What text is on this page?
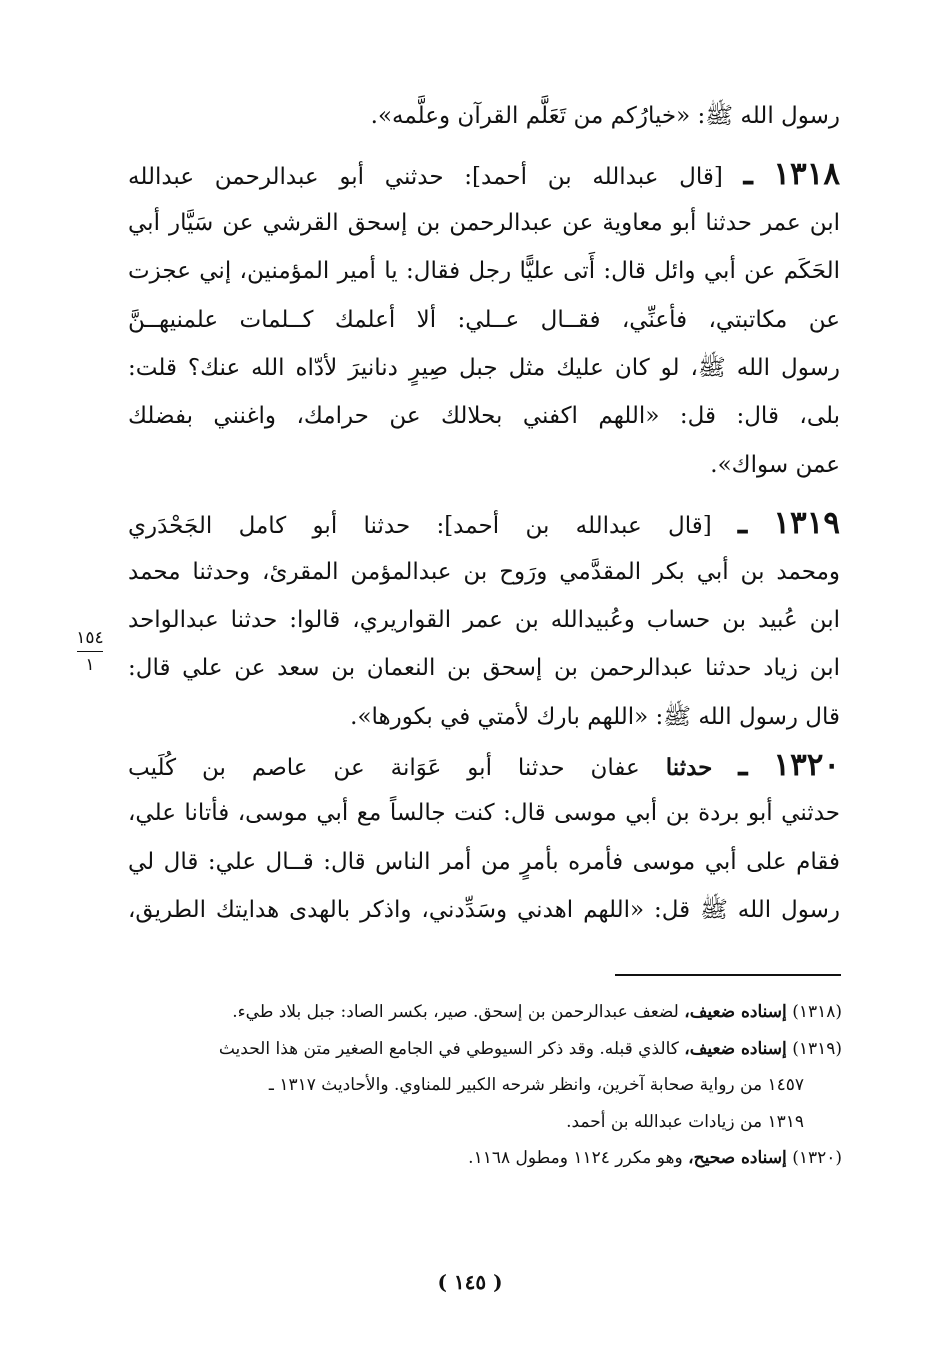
رسول الله ﷺ: «خيارُكم من تَعَلَّم القرآن وعلَّمه».
١٣١٨ ـ [قال عبدالله بن أحمد]: حدثني أبو عبدالرحمن عبدالله
ابن عمر حدثنا أبو معاوية عن عبدالرحمن بن إسحق القرشي عن سَيَّار أبي
الحَكَم عن أبي وائل قال: أَتى عليًّا رجل فقال: يا أمير المؤمنين، إني عجزت
عن مكاتبتي، فأعنِّي، فقــال عــلي: ألا أعلمك كــلمات علمنيهــنَّ
رسول الله ﷺ، لو كان عليك مثل جبل صِيرٍ دنانيرَ لأدّاه الله عنك؟ قلت:
بلى، قال: قل: «اللهم اكفني بحلالك عن حرامك، واغنني بفضلك
عمن سواك».
١٣١٩ ـ [قال عبدالله بن أحمد]: حدثنا أبو كامل الجَحْدَري
ومحمد بن أبي بكر المقدَّمي ورَوح بن عبدالمؤمن المقرئ، وحدثنا محمد
ابن عُبيد بن حساب وعُبيدالله بن عمر القواريري، قالوا: حدثنا عبدالواحد
ابن زياد حدثنا عبدالرحمن بن إسحق بن النعمان بن سعد عن علي قال:
قال رسول الله ﷺ: «اللهم بارك لأمتي في بكورها».
١٣٢٠ ـ حدثنا عفان حدثنا أبو عَوَانة عن عاصم بن كُلَيب
حدثني أبو بردة بن أبي موسى قال: كنت جالساً مع أبي موسى، فأتانا علي،
فقام على أبي موسى فأمره بأمرٍ من أمر الناس قال: قــال علي: قال لي
رسول الله ﷺ قل: «اللهم اهدني وسَدِّدني، واذكر بالهدى هدايتك الطريق،
١٥٤
١
(١٣١٨) إسناده ضعيف، لضعف عبدالرحمن بن إسحق. صير، بكسر الصاد: جبل بلاد طيء.
(١٣١٩) إسناده ضعيف، كالذي قبله. وقد ذكر السيوطي في الجامع الصغير متن هذا الحديث
١٤٥٧ من رواية صحابة آخرين، وانظر شرحه الكبير للمناوي. والأحاديث ١٣١٧ ـ
١٣١٩ من زيادات عبدالله بن أحمد.
(١٣٢٠) إسناده صحيح، وهو مكرر ١١٢٤ ومطول ١١٦٨.
( ١٤٥ )
